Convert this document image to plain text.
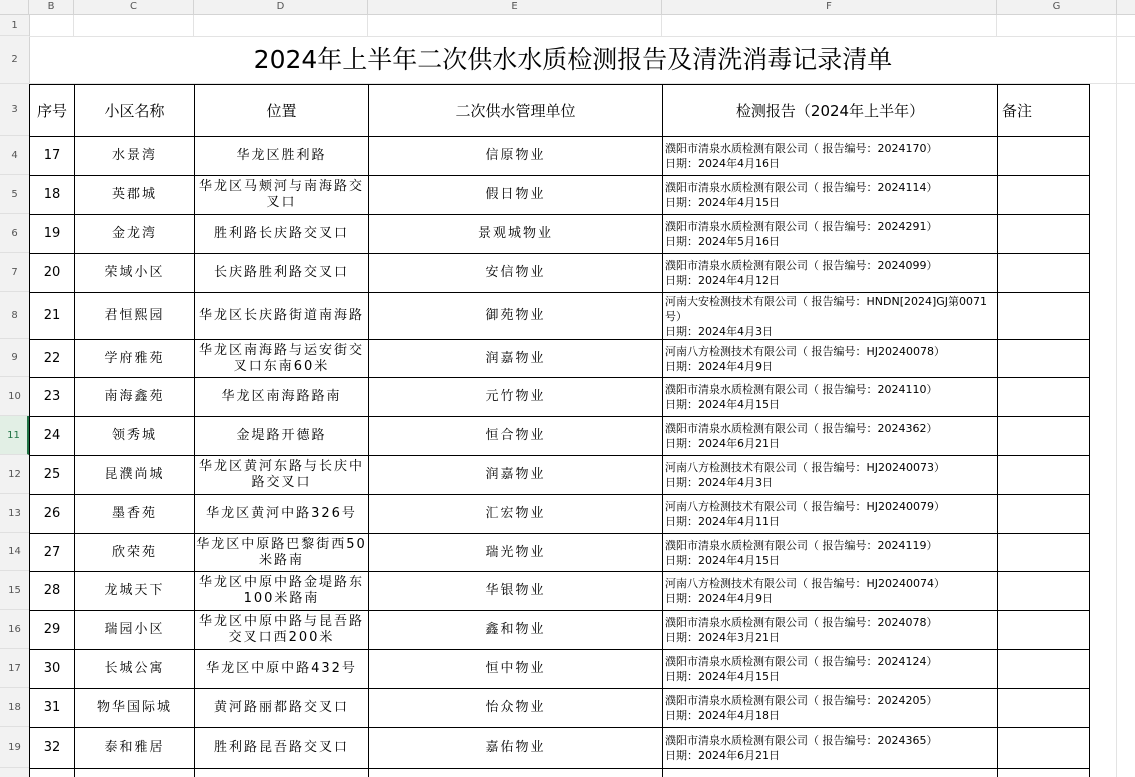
B	C	D	E	F	G
1
2
3
4
5
6
7
8
9
10
11
12
13
14
15
16
17
18
19
2024年上半年二次供水水质检测报告及清洗消毒记录清单
序号	小区名称	位置	二次供水管理单位	检测报告（2024年上半年）	备注
17	水景湾	华龙区胜利路	信原物业	濮阳市清泉水质检测有限公司（ 报告编号：2024170）
日期：2024年4月16日	

18	英郡城	华龙区马颊河与南海路交叉口	假日物业	濮阳市清泉水质检测有限公司（ 报告编号：2024114）
日期：2024年4月15日	

19	金龙湾	胜利路长庆路交叉口	景观城物业	濮阳市清泉水质检测有限公司（ 报告编号：2024291）
日期：2024年5月16日	

20	荣域小区	长庆路胜利路交叉口	安信物业	濮阳市清泉水质检测有限公司（ 报告编号：2024099）
日期：2024年4月12日	

21	君恒熙园	华龙区长庆路街道南海路	御苑物业	河南大安检测技术有限公司（ 报告编号：HNDN[2024]GJ第0071号）
日期：2024年4月3日	

22	学府雅苑	华龙区南海路与运安街交叉口东南60米	润嘉物业	河南八方检测技术有限公司（ 报告编号：HJ20240078）
日期：2024年4月9日	

23	南海鑫苑	华龙区南海路路南	元竹物业	濮阳市清泉水质检测有限公司（ 报告编号：2024110）
日期：2024年4月15日	

24	领秀城	金堤路开德路	恒合物业	濮阳市清泉水质检测有限公司（ 报告编号：2024362）
日期：2024年6月21日	

25	昆濮尚城	华龙区黄河东路与长庆中路交叉口	润嘉物业	河南八方检测技术有限公司（ 报告编号：HJ20240073）
日期：2024年4月3日	

26	墨香苑	华龙区黄河中路326号	汇宏物业	河南八方检测技术有限公司（ 报告编号：HJ20240079）
日期：2024年4月11日	

27	欣荣苑	华龙区中原路巴黎街西50米路南	瑞光物业	濮阳市清泉水质检测有限公司（ 报告编号：2024119）
日期：2024年4月15日	

28	龙城天下	华龙区中原中路金堤路东100米路南	华银物业	河南八方检测技术有限公司（ 报告编号：HJ20240074）
日期：2024年4月9日	

29	瑞园小区	华龙区中原中路与昆吾路交叉口西200米	鑫和物业	濮阳市清泉水质检测有限公司（ 报告编号：2024078）
日期：2024年3月21日	

30	长城公寓	华龙区中原中路432号	恒中物业	濮阳市清泉水质检测有限公司（ 报告编号：2024124）
日期：2024年4月15日	

31	物华国际城	黄河路丽都路交叉口	怡众物业	濮阳市清泉水质检测有限公司（ 报告编号：2024205）
日期：2024年4月18日	

32	泰和雅居	胜利路昆吾路交叉口	嘉佑物业	濮阳市清泉水质检测有限公司（ 报告编号：2024365）
日期：2024年6月21日	
